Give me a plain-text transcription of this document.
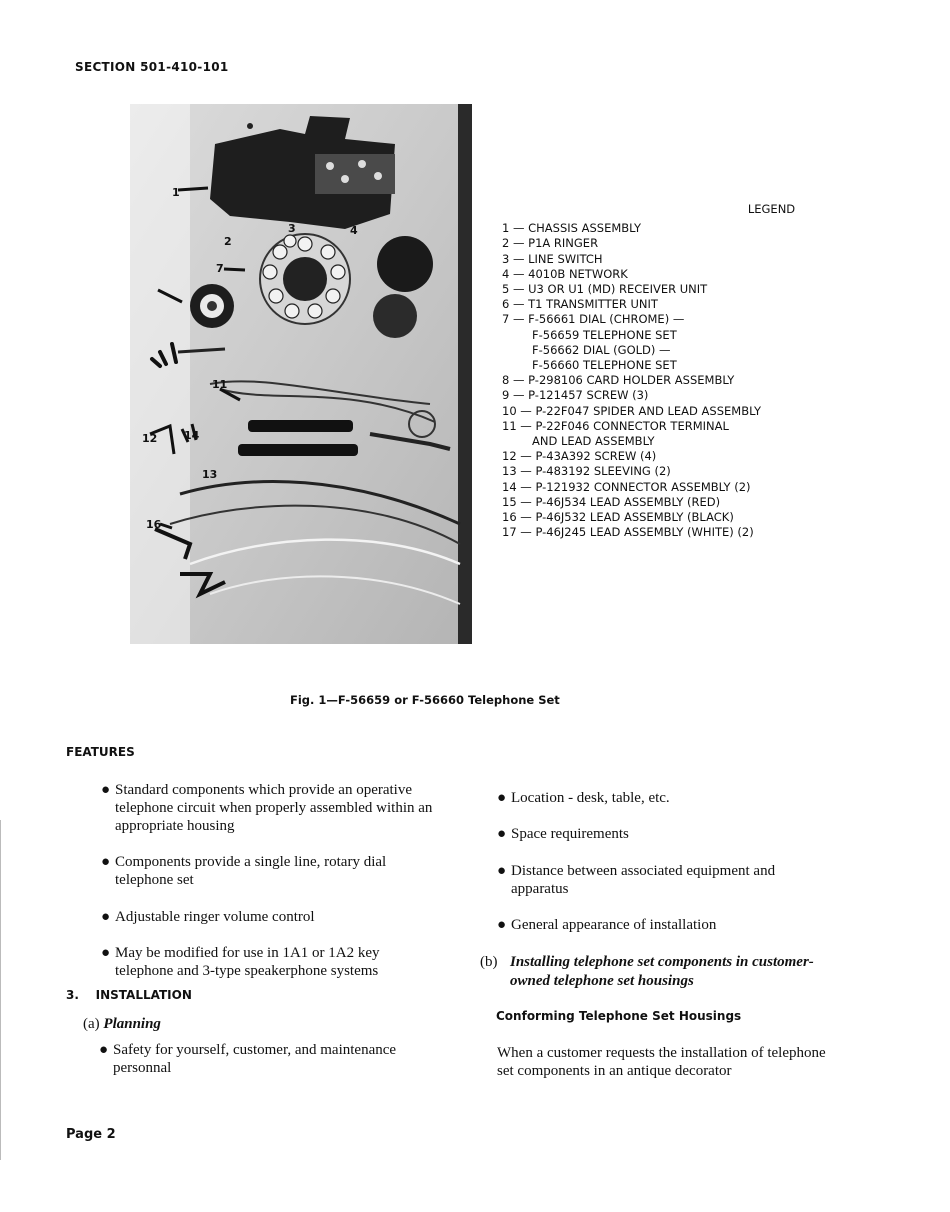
SECTION 501-410-101
1
2
3	4
7
11
12 14
13
16
LEGEND
1 — CHASSIS ASSEMBLY
2 — P1A RINGER
3 — LINE SWITCH
4 — 4010B NETWORK
5 — U3 OR U1 (MD) RECEIVER UNIT
6 — T1 TRANSMITTER UNIT
7 — F-56661 DIAL (CHROME) —
F-56659 TELEPHONE SET
F-56662 DIAL (GOLD) —
F-56660 TELEPHONE SET
8 — P-298106 CARD HOLDER ASSEMBLY
9 — P-121457 SCREW (3)
10 — P-22F047 SPIDER AND LEAD ASSEMBLY
11 — P-22F046 CONNECTOR TERMINAL
AND LEAD ASSEMBLY
12 — P-43A392 SCREW (4)
13 — P-483192 SLEEVING (2)
14 — P-121932 CONNECTOR ASSEMBLY (2)
15 — P-46J534 LEAD ASSEMBLY (RED)
16 — P-46J532 LEAD ASSEMBLY (BLACK)
17 — P-46J245 LEAD ASSEMBLY (WHITE) (2)
Fig. 1—F-56659 or F-56660 Telephone Set
FEATURES
● Standard components which provide an operative telephone circuit when properly assembled within an appropriate housing
● Components provide a single line, rotary dial telephone set
● Adjustable ringer volume control
● May be modified for use in 1A1 or 1A2 key telephone and 3-type speakerphone systems
3. INSTALLATION
(a) Planning
● Safety for yourself, customer, and maintenance personnal
● Location - desk, table, etc.
● Space requirements
● Distance between associated equipment and apparatus
● General appearance of installation
(b) Installing telephone set components in customer-owned telephone set housings
Conforming Telephone Set Housings
When a customer requests the installation of telephone set components in an antique decorator
Page 2
